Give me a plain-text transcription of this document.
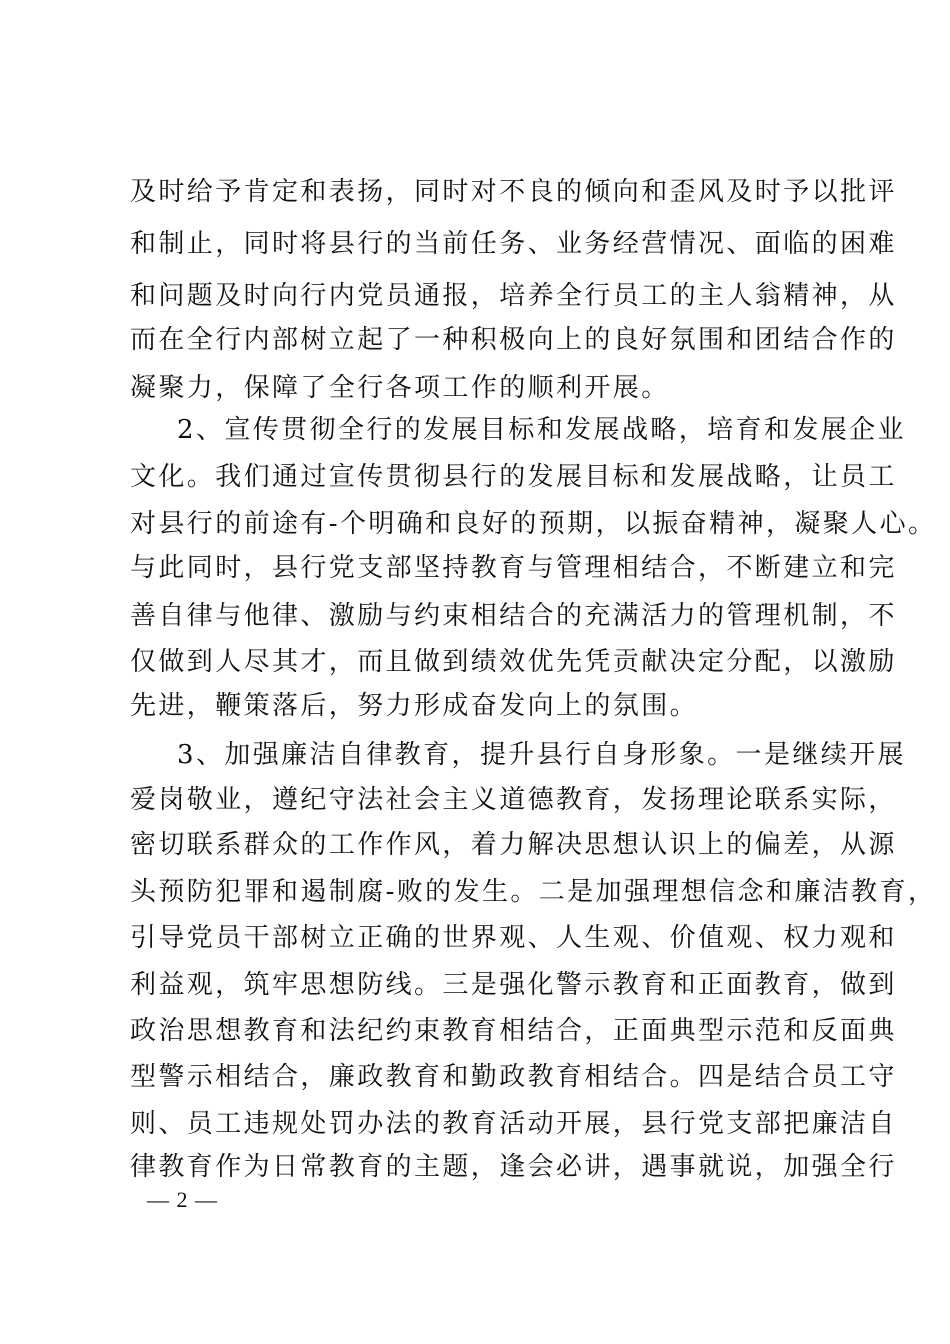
及时给予肯定和表扬，同时对不良的倾向和歪风及时予以批评
和制止，同时将县行的当前任务、业务经营情况、面临的困难
和问题及时向行内党员通报，培养全行员工的主人翁精神，从
而在全行内部树立起了一种积极向上的良好氛围和团结合作的
凝聚力，保障了全行各项工作的顺利开展。
2、宣传贯彻全行的发展目标和发展战略，培育和发展企业
文化。我们通过宣传贯彻县行的发展目标和发展战略，让员工
对县行的前途有-个明确和良好的预期，以振奋精神，凝聚人心。
与此同时，县行党支部坚持教育与管理相结合，不断建立和完
善自律与他律、激励与约束相结合的充满活力的管理机制，不
仅做到人尽其才，而且做到绩效优先凭贡献决定分配，以激励
先进，鞭策落后，努力形成奋发向上的氛围。
3、加强廉洁自律教育，提升县行自身形象。一是继续开展
爱岗敬业，遵纪守法社会主义道德教育，发扬理论联系实际，
密切联系群众的工作作风，着力解决思想认识上的偏差，从源
头预防犯罪和遏制腐-败的发生。二是加强理想信念和廉洁教育，
引导党员干部树立正确的世界观、人生观、价值观、权力观和
利益观，筑牢思想防线。三是强化警示教育和正面教育，做到
政治思想教育和法纪约束教育相结合，正面典型示范和反面典
型警示相结合，廉政教育和勤政教育相结合。四是结合员工守
则、员工违规处罚办法的教育活动开展，县行党支部把廉洁自
律教育作为日常教育的主题，逢会必讲，遇事就说，加强全行
— 2 —
